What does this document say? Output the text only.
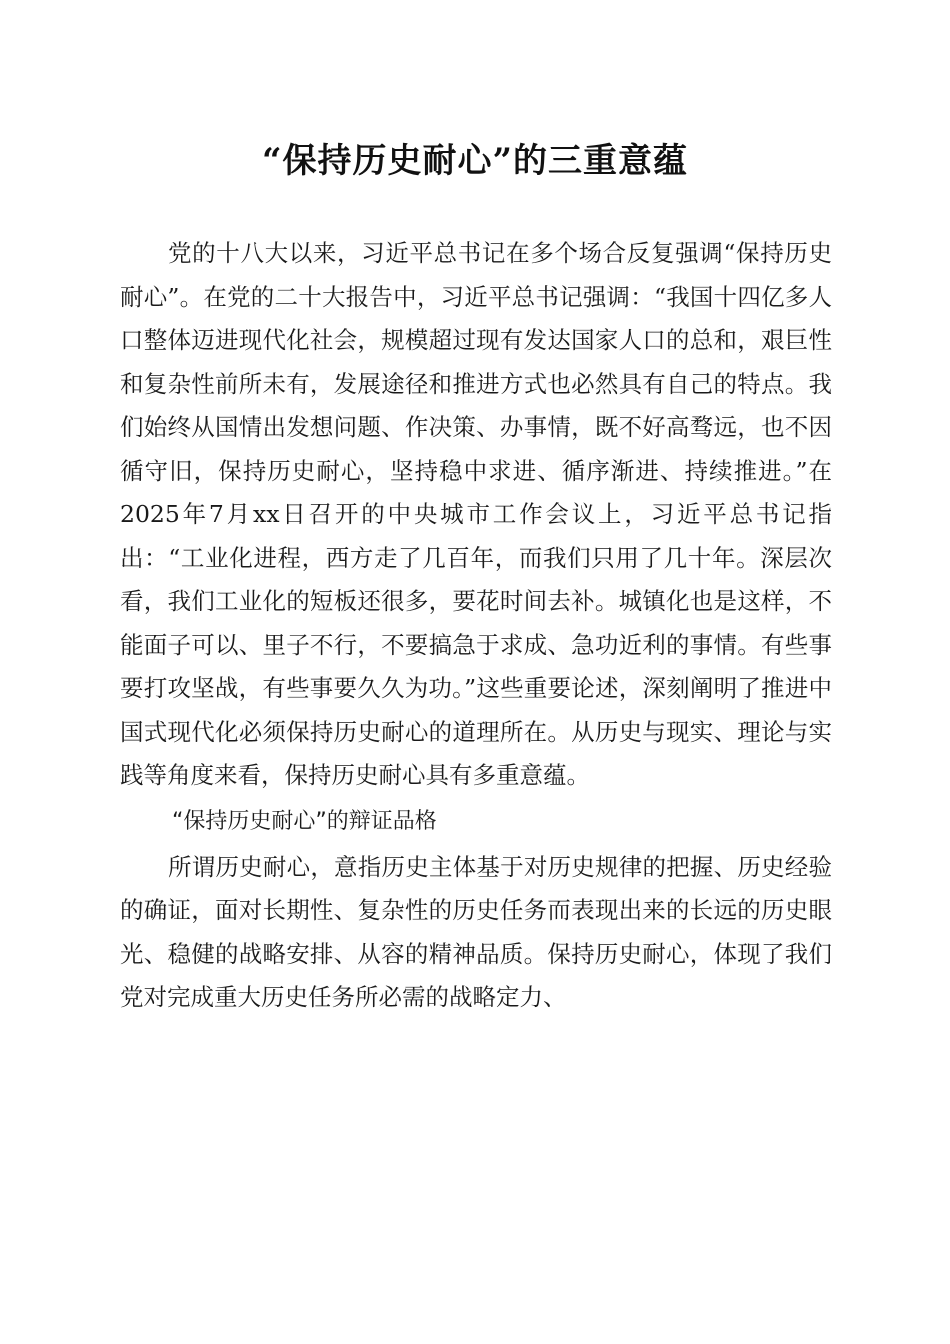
“保持历史耐心”的三重意蕴

党的十八大以来，习近平总书记在多个场合反复强调“保持历史耐心”。在党的二十大报告中，习近平总书记强调：“我国十四亿多人口整体迈进现代化社会，规模超过现有发达国家人口的总和，艰巨性和复杂性前所未有，发展途径和推进方式也必然具有自己的特点。我们始终从国情出发想问题、作决策、办事情，既不好高骛远，也不因循守旧，保持历史耐心，坚持稳中求进、循序渐进、持续推进。”在2025年7月xx日召开的中央城市工作会议上，习近平总书记指出：“工业化进程，西方走了几百年，而我们只用了几十年。深层次看，我们工业化的短板还很多，要花时间去补。城镇化也是这样，不能面子可以、里子不行，不要搞急于求成、急功近利的事情。有些事要打攻坚战，有些事要久久为功。”这些重要论述，深刻阐明了推进中国式现代化必须保持历史耐心的道理所在。从历史与现实、理论与实践等角度来看，保持历史耐心具有多重意蕴。

“保持历史耐心”的辩证品格

所谓历史耐心，意指历史主体基于对历史规律的把握、历史经验的确证，面对长期性、复杂性的历史任务而表现出来的长远的历史眼光、稳健的战略安排、从容的精神品质。保持历史耐心，体现了我们党对完成重大历史任务所必需的战略定力、
